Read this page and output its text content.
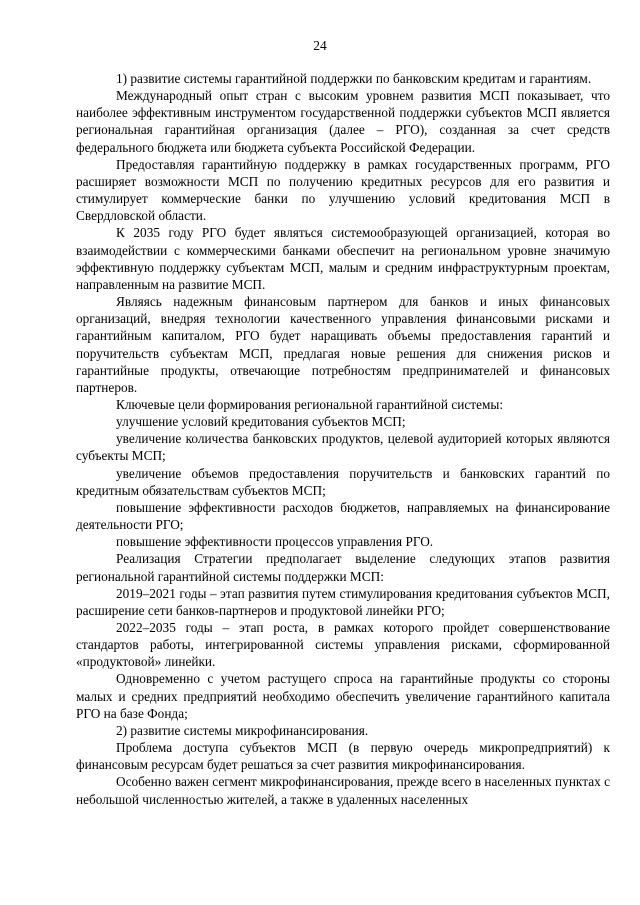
24

1) развитие системы гарантийной поддержки по банковским кредитам и гарантиям.

Международный опыт стран с высоким уровнем развития МСП показывает, что наиболее эффективным инструментом государственной поддержки субъектов МСП является региональная гарантийная организация (далее – РГО), созданная за счет средств федерального бюджета или бюджета субъекта Российской Федерации.

Предоставляя гарантийную поддержку в рамках государственных программ, РГО расширяет возможности МСП по получению кредитных ресурсов для его развития и стимулирует коммерческие банки по улучшению условий кредитования МСП в Свердловской области.

К 2035 году РГО будет являться системообразующей организацией, которая во взаимодействии с коммерческими банками обеспечит на региональном уровне значимую эффективную поддержку субъектам МСП, малым и средним инфраструктурным проектам, направленным на развитие МСП.

Являясь надежным финансовым партнером для банков и иных финансовых организаций, внедряя технологии качественного управления финансовыми рисками и гарантийным капиталом, РГО будет наращивать объемы предоставления гарантий и поручительств субъектам МСП, предлагая новые решения для снижения рисков и гарантийные продукты, отвечающие потребностям предпринимателей и финансовых партнеров.

Ключевые цели формирования региональной гарантийной системы:

улучшение условий кредитования субъектов МСП;

увеличение количества банковских продуктов, целевой аудиторией которых являются субъекты МСП;

увеличение объемов предоставления поручительств и банковских гарантий по кредитным обязательствам субъектов МСП;

повышение эффективности расходов бюджетов, направляемых на финансирование деятельности РГО;

повышение эффективности процессов управления РГО.

Реализация Стратегии предполагает выделение следующих этапов развития региональной гарантийной системы поддержки МСП:

2019–2021 годы – этап развития путем стимулирования кредитования субъектов МСП, расширение сети банков-партнеров и продуктовой линейки РГО;

2022–2035 годы – этап роста, в рамках которого пройдет совершенствование стандартов работы, интегрированной системы управления рисками, сформированной «продуктовой» линейки.

Одновременно с учетом растущего спроса на гарантийные продукты со стороны малых и средних предприятий необходимо обеспечить увеличение гарантийного капитала РГО на базе Фонда;

2) развитие системы микрофинансирования.

Проблема доступа субъектов МСП (в первую очередь микропредприятий) к финансовым ресурсам будет решаться за счет развития микрофинансирования.

Особенно важен сегмент микрофинансирования, прежде всего в населенных пунктах с небольшой численностью жителей, а также в удаленных населенных
